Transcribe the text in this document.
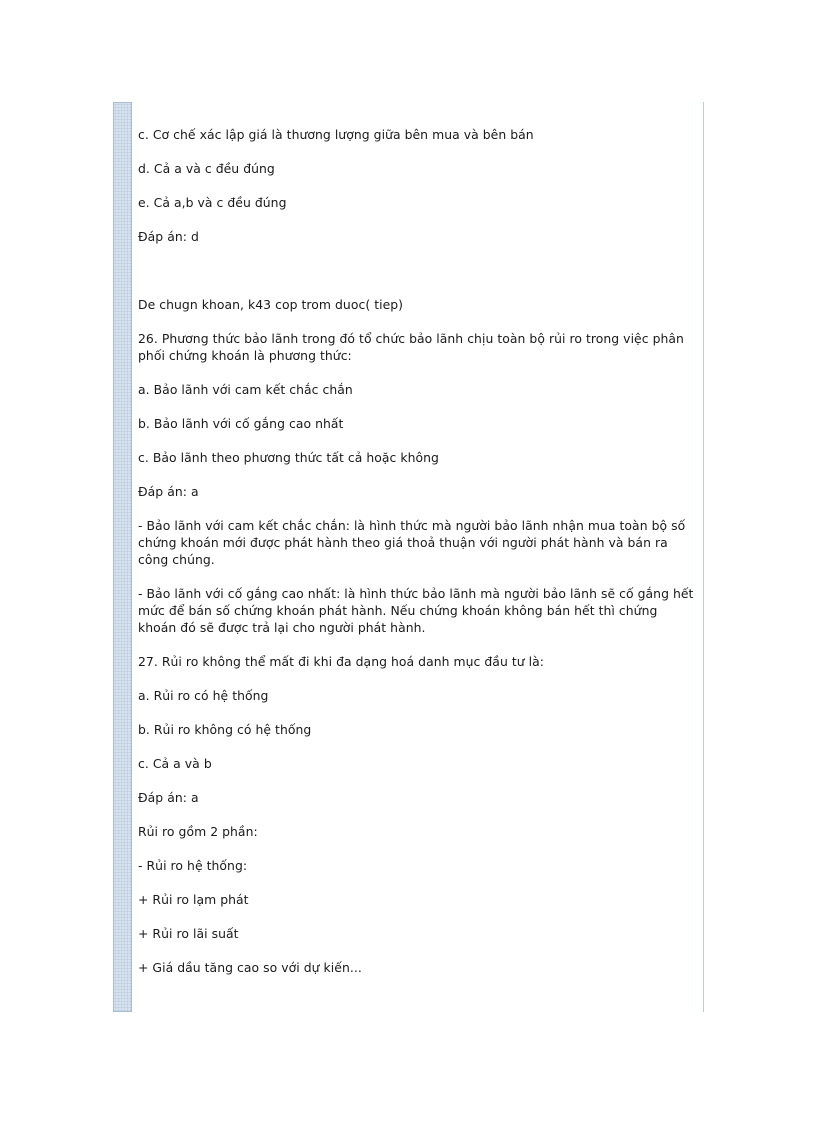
c. Cơ chế xác lập giá là thương lượng giữa bên mua và bên bán

d. Cả a và c đều đúng

e. Cả a,b và c đều đúng

Đáp án: d

De chugn khoan, k43 cop trom duoc( tiep)

26. Phương thức bảo lãnh trong đó tổ chức bảo lãnh chịu toàn bộ rủi ro trong việc phân phối chứng khoán là phương thức:

a. Bảo lãnh với cam kết chắc chắn

b. Bảo lãnh với cố gắng cao nhất

c. Bảo lãnh theo phương thức tất cả hoặc không

Đáp án: a

- Bảo lãnh với cam kết chắc chắn: là hình thức mà người bảo lãnh nhận mua toàn bộ số chứng khoán mới được phát hành theo giá thoả thuận với người phát hành và bán ra công chúng.

- Bảo lãnh với cố gắng cao nhất: là hình thức bảo lãnh mà người bảo lãnh sẽ cố gắng hết mức để bán số chứng khoán phát hành. Nếu chứng khoán không bán hết thì chứng khoán đó sẽ được trả lại cho người phát hành.

27. Rủi ro không thể mất đi khi đa dạng hoá danh mục đầu tư là:

a. Rủi ro có hệ thống

b. Rủi ro không có hệ thống

c. Cả a và b

Đáp án: a

Rủi ro gồm 2 phần:

- Rủi ro hệ thống:

+ Rủi ro lạm phát

+ Rủi ro lãi suất

+ Giá dầu tăng cao so với dự kiến...
